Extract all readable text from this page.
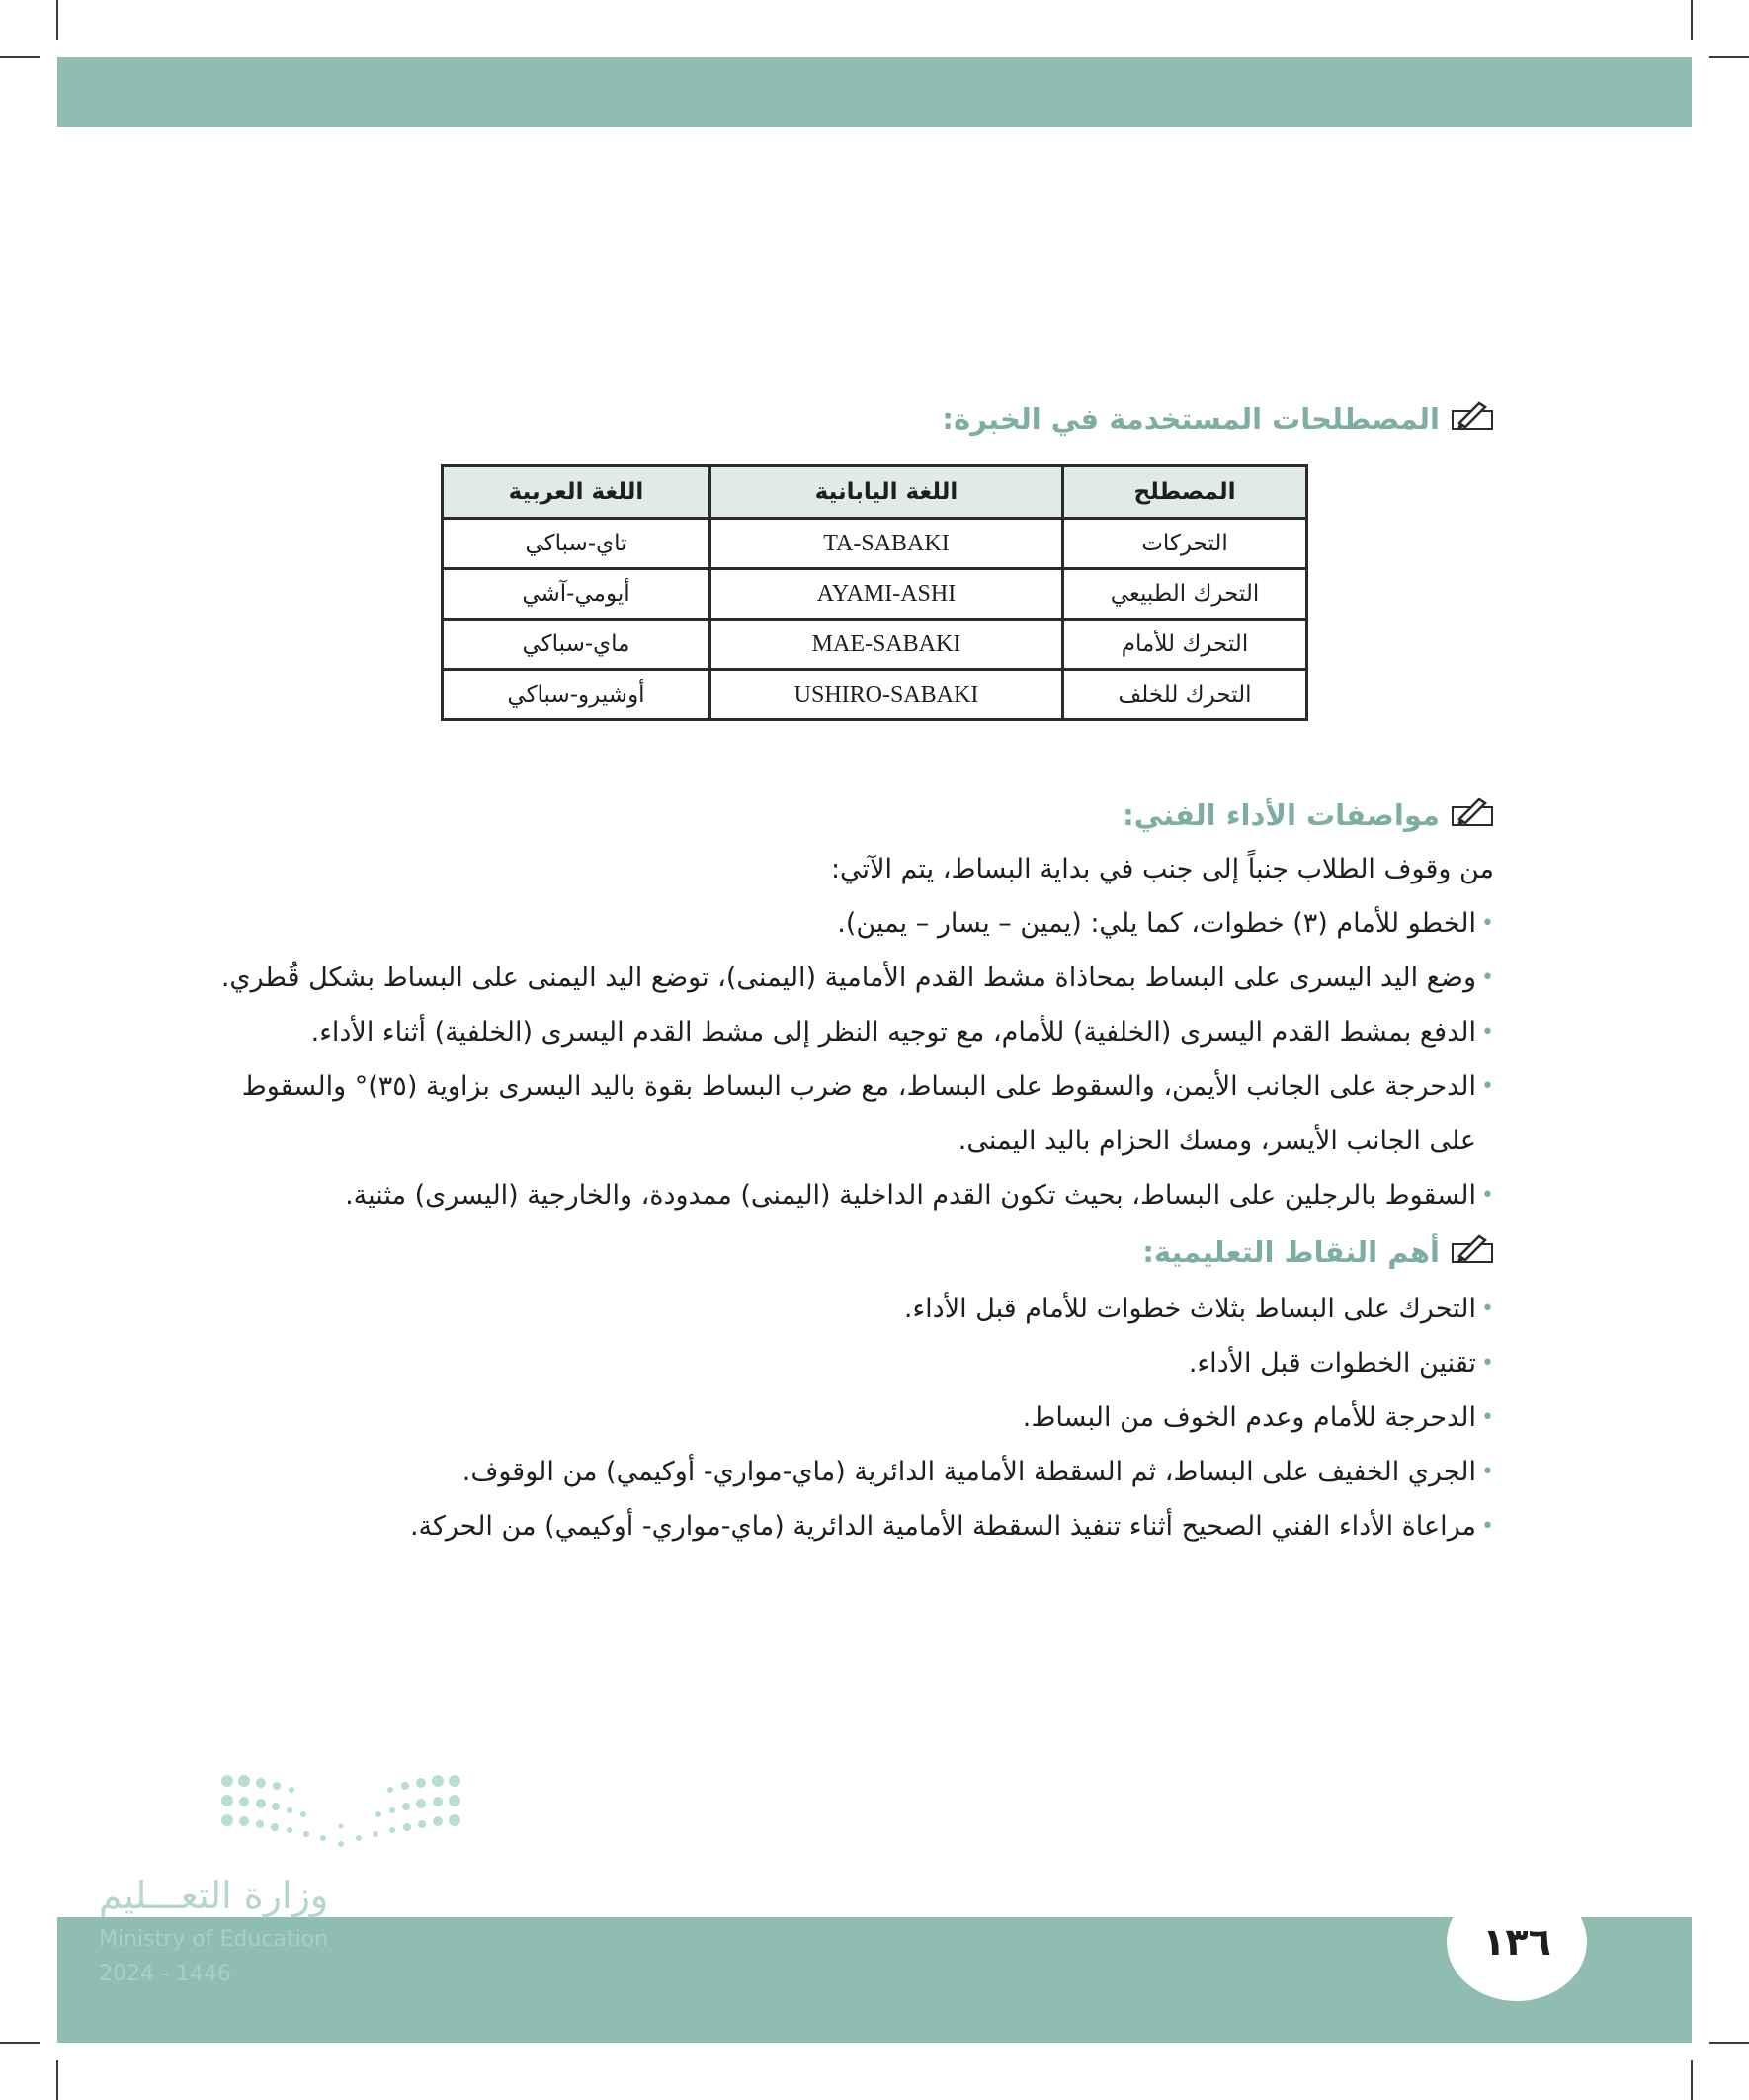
المصطلحات المستخدمة في الخبرة:
المصطلح	اللغة اليابانية	اللغة العربية
التحركات	TA-SABAKI	تاي-سباكي
التحرك الطبيعي	AYAMI-ASHI	أيومي-آشي
التحرك للأمام	MAE-SABAKI	ماي-سباكي
التحرك للخلف	USHIRO-SABAKI	أوشيرو-سباكي
مواصفات الأداء الفني:

من وقوف الطلاب جنباً إلى جنب في بداية البساط، يتم الآتي:

• الخطو للأمام (٣) خطوات، كما يلي: (يمين – يسار – يمين).
• وضع اليد اليسرى على البساط بمحاذاة مشط القدم الأمامية (اليمنى)، توضع اليد اليمنى على البساط بشكل قُطري.
• الدفع بمشط القدم اليسرى (الخلفية) للأمام، مع توجيه النظر إلى مشط القدم اليسرى (الخلفية) أثناء الأداء.
• الدحرجة على الجانب الأيمن، والسقوط على البساط، مع ضرب البساط بقوة باليد اليسرى بزاوية (٣٥)° والسقوط على الجانب الأيسر، ومسك الحزام باليد اليمنى.
• السقوط بالرجلين على البساط، بحيث تكون القدم الداخلية (اليمنى) ممدودة، والخارجية (اليسرى) مثنية.
أهم النقاط التعليمية:
• التحرك على البساط بثلاث خطوات للأمام قبل الأداء.
• تقنين الخطوات قبل الأداء.
• الدحرجة للأمام وعدم الخوف من البساط.
• الجري الخفيف على البساط، ثم السقطة الأمامية الدائرية (ماي-مواري- أوكيمي) من الوقوف.
• مراعاة الأداء الفني الصحيح أثناء تنفيذ السقطة الأمامية الدائرية (ماي-مواري- أوكيمي) من الحركة.
وزارة التعـــليم
Ministry of Education
2024 - 1446
١٣٦
